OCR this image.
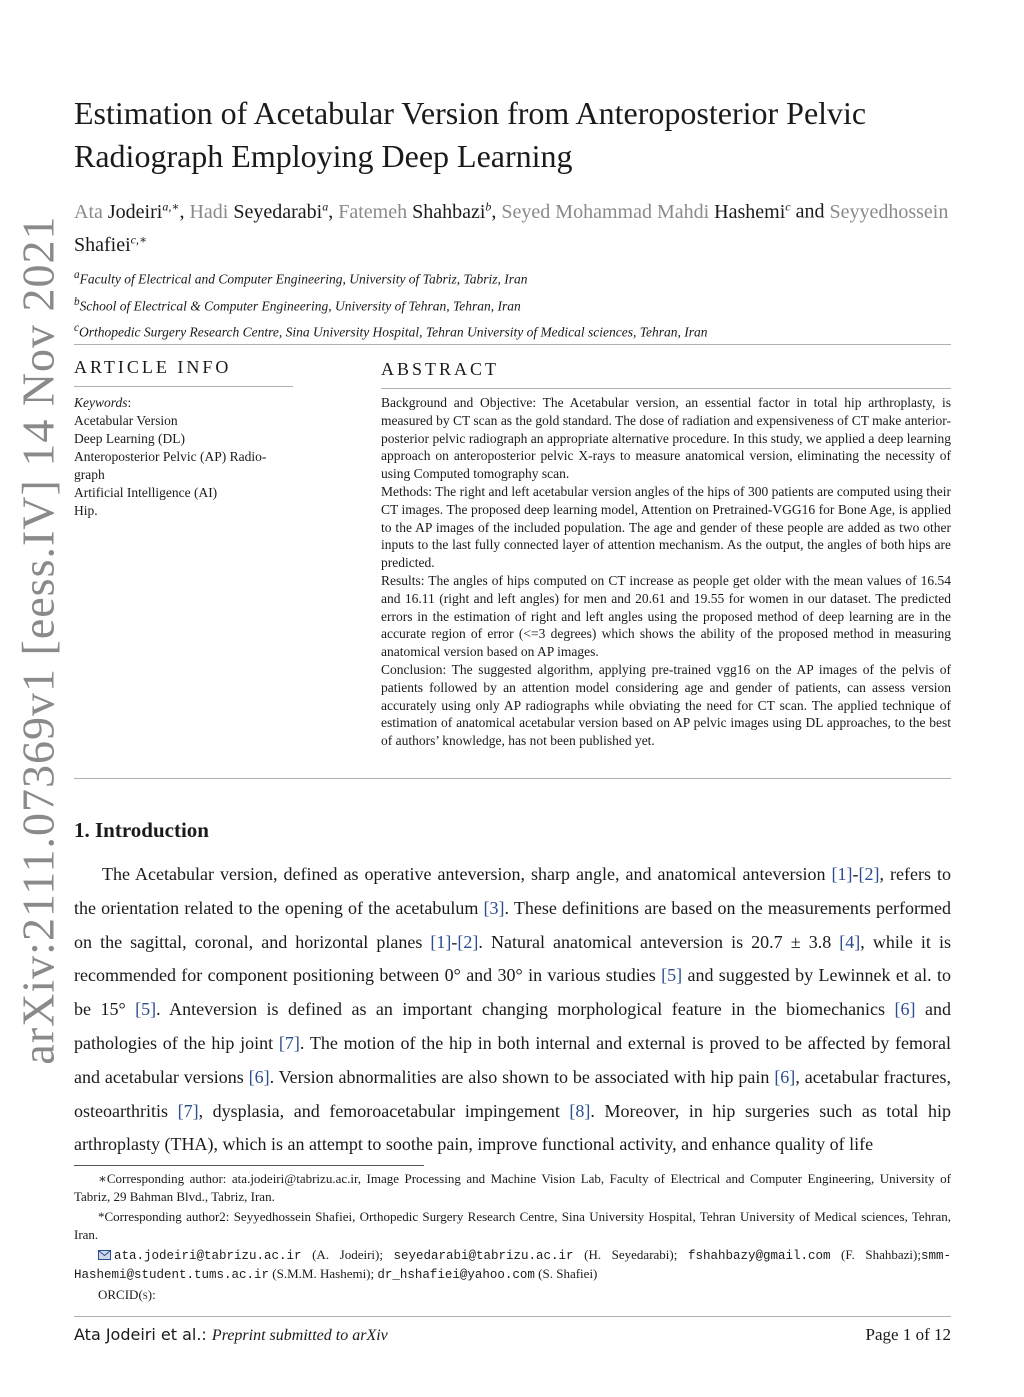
arXiv:2111.07369v1 [eess.IV] 14 Nov 2021
Estimation of Acetabular Version from Anteroposterior Pelvic Radiograph Employing Deep Learning
Ata Jodeiri$^{a,∗}$, Hadi Seyedarabi$^a$, Fatemeh Shahbazi$^b$, Seyed Mohammad Mahdi Hashemi$^c$ and Seyyedhossein Shafiei$^{c,∗}$
$^a$Faculty of Electrical and Computer Engineering, University of Tabriz, Tabriz, Iran
$^b$School of Electrical & Computer Engineering, University of Tehran, Tehran, Iran
$^c$Orthopedic Surgery Research Centre, Sina University Hospital, Tehran University of Medical sciences, Tehran, Iran
ARTICLE INFO
Keywords:
Acetabular Version
Deep Learning (DL)
Anteroposterior Pelvic (AP) Radio-graph
Artificial Intelligence (AI)
Hip.
ABSTRACT

Background and Objective: The Acetabular version, an essential factor in total hip arthroplasty, is measured by CT scan as the gold standard. The dose of radiation and expensiveness of CT make anterior-posterior pelvic radiograph an appropriate alternative procedure. In this study, we applied a deep learning approach on anteroposterior pelvic X-rays to measure anatomical version, eliminating the necessity of using Computed tomography scan.

Methods: The right and left acetabular version angles of the hips of 300 patients are computed using their CT images. The proposed deep learning model, Attention on Pretrained-VGG16 for Bone Age, is applied to the AP images of the included population. The age and gender of these people are added as two other inputs to the last fully connected layer of attention mechanism. As the output, the angles of both hips are predicted.

Results: The angles of hips computed on CT increase as people get older with the mean values of 16.54 and 16.11 (right and left angles) for men and 20.61 and 19.55 for women in our dataset. The predicted errors in the estimation of right and left angles using the proposed method of deep learning are in the accurate region of error (<=3 degrees) which shows the ability of the proposed method in measuring anatomical version based on AP images.

Conclusion: The suggested algorithm, applying pre-trained vgg16 on the AP images of the pelvis of patients followed by an attention model considering age and gender of patients, can assess version accurately using only AP radiographs while obviating the need for CT scan. The applied technique of estimation of anatomical acetabular version based on AP pelvic images using DL approaches, to the best of authors’ knowledge, has not been published yet.

1. Introduction

The Acetabular version, defined as operative anteversion, sharp angle, and anatomical anteversion [1]-[2], refers to the orientation related to the opening of the acetabulum [3]. These definitions are based on the measurements performed on the sagittal, coronal, and horizontal planes [1]-[2]. Natural anatomical anteversion is 20.7 ± 3.8 [4], while it is recommended for component positioning between 0° and 30° in various studies [5] and suggested by Lewinnek et al. to be 15° [5]. Anteversion is defined as an important changing morphological feature in the biomechanics [6] and pathologies of the hip joint [7]. The motion of the hip in both internal and external is proved to be affected by femoral and acetabular versions [6]. Version abnormalities are also shown to be associated with hip pain [6], acetabular fractures, osteoarthritis [7], dysplasia, and femoroacetabular impingement [8]. Moreover, in hip surgeries such as total hip arthroplasty (THA), which is an attempt to soothe pain, improve functional activity, and enhance quality of life

∗Corresponding author: ata.jodeiri@tabrizu.ac.ir, Image Processing and Machine Vision Lab, Faculty of Electrical and Computer Engineering, University of Tabriz, 29 Bahman Blvd., Tabriz, Iran.

*Corresponding author2: Seyyedhossein Shafiei, Orthopedic Surgery Research Centre, Sina University Hospital, Tehran University of Medical sciences, Tehran, Iran.

ata.jodeiri@tabrizu.ac.ir (A. Jodeiri); seyedarabi@tabrizu.ac.ir (H. Seyedarabi); fshahbazy@gmail.com (F. Shahbazi);smm-Hashemi@student.tums.ac.ir (S.M.M. Hashemi); dr_hshafiei@yahoo.com (S. Shafiei)

ORCID(s):

Ata Jodeiri et al.: Preprint submitted to arXiv	Page 1 of 12
